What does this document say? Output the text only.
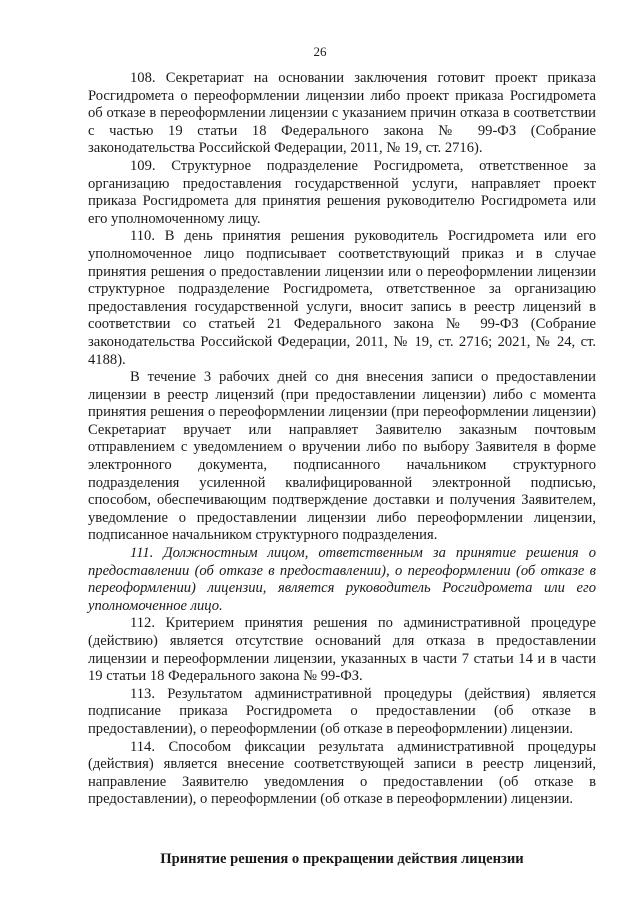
26

108. Секретариат на основании заключения готовит проект приказа Росгидромета о переоформлении лицензии либо проект приказа Росгидромета об отказе в переоформлении лицензии с указанием причин отказа в соответствии с частью 19 статьи 18 Федерального закона № 99-ФЗ (Собрание законодательства Российской Федерации, 2011, № 19, ст. 2716).

109. Структурное подразделение Росгидромета, ответственное за организацию предоставления государственной услуги, направляет проект приказа Росгидромета для принятия решения руководителю Росгидромета или его уполномоченному лицу.

110. В день принятия решения руководитель Росгидромета или его уполномоченное лицо подписывает соответствующий приказ и в случае принятия решения о предоставлении лицензии или о переоформлении лицензии структурное подразделение Росгидромета, ответственное за организацию предоставления государственной услуги, вносит запись в реестр лицензий в соответствии со статьей 21 Федерального закона № 99-ФЗ (Собрание законодательства Российской Федерации, 2011, № 19, ст. 2716; 2021, № 24, ст. 4188).

В течение 3 рабочих дней со дня внесения записи о предоставлении лицензии в реестр лицензий (при предоставлении лицензии) либо с момента принятия решения о переоформлении лицензии (при переоформлении лицензии) Секретариат вручает или направляет Заявителю заказным почтовым отправлением с уведомлением о вручении либо по выбору Заявителя в форме электронного документа, подписанного начальником структурного подразделения усиленной квалифицированной электронной подписью, способом, обеспечивающим подтверждение доставки и получения Заявителем, уведомление о предоставлении лицензии либо переоформлении лицензии, подписанное начальником структурного подразделения.

111. Должностным лицом, ответственным за принятие решения о предоставлении (об отказе в предоставлении), о переоформлении (об отказе в переоформлении) лицензии, является руководитель Росгидромета или его уполномоченное лицо.

112. Критерием принятия решения по административной процедуре (действию) является отсутствие оснований для отказа в предоставлении лицензии и переоформлении лицензии, указанных в части 7 статьи 14 и в части 19 статьи 18 Федерального закона № 99-ФЗ.

113. Результатом административной процедуры (действия) является подписание приказа Росгидромета о предоставлении (об отказе в предоставлении), о переоформлении (об отказе в переоформлении) лицензии.

114. Способом фиксации результата административной процедуры (действия) является внесение соответствующей записи в реестр лицензий, направление Заявителю уведомления о предоставлении (об отказе в предоставлении), о переоформлении (об отказе в переоформлении) лицензии.

Принятие решения о прекращении действия лицензии
